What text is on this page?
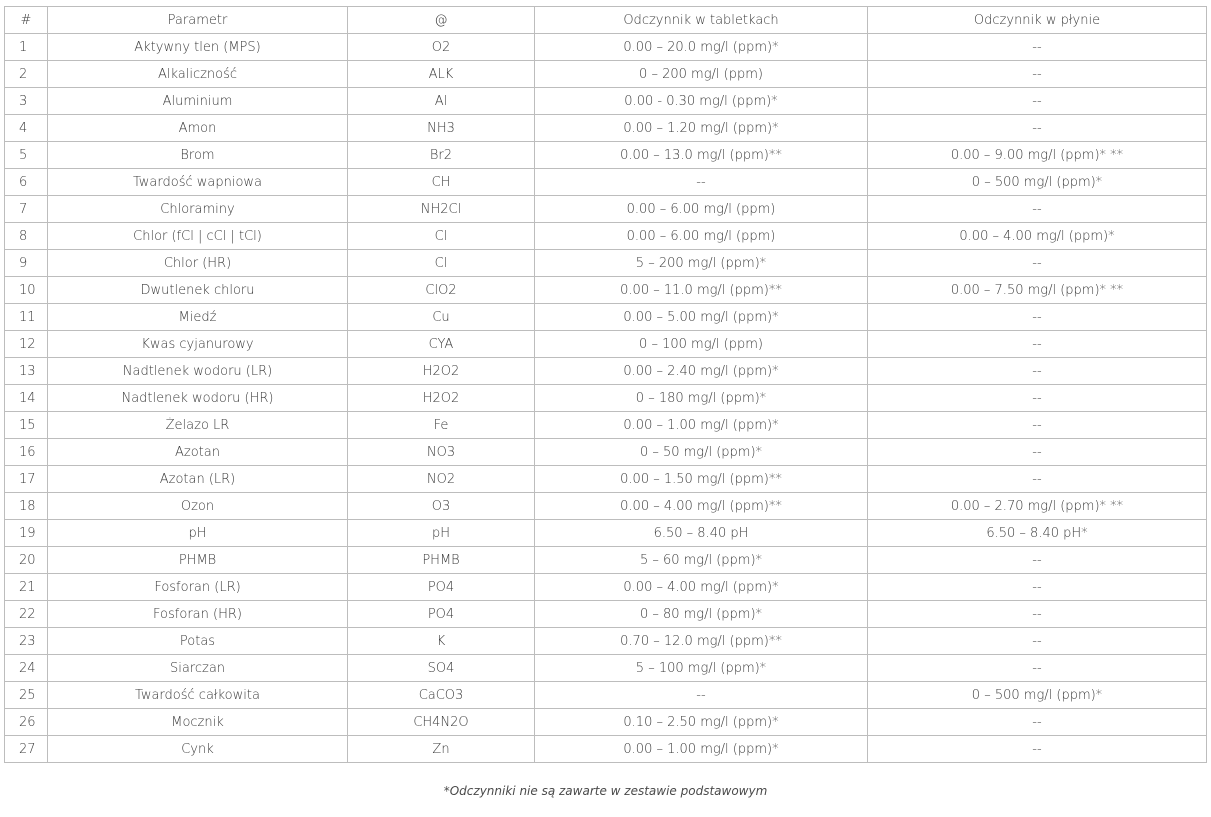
#	Parametr	@	Odczynnik w tabletkach	Odczynnik w płynie
1	Aktywny tlen (MPS)	O2	0.00 – 20.0 mg/l (ppm)*	--
2	Alkaliczność	ALK	0 – 200 mg/l (ppm)	--
3	Aluminium	Al	0.00 - 0.30 mg/l (ppm)*	--
4	Amon	NH3	0.00 – 1.20 mg/l (ppm)*	--
5	Brom	Br2	0.00 – 13.0 mg/l (ppm)**	0.00 – 9.00 mg/l (ppm)* **
6	Twardość wapniowa	CH	--	0 – 500 mg/l (ppm)*
7	Chloraminy	NH2Cl	0.00 – 6.00 mg/l (ppm)	--
8	Chlor (fCl | cCl | tCl)	Cl	0.00 – 6.00 mg/l (ppm)	0.00 – 4.00 mg/l (ppm)*
9	Chlor (HR)	Cl	5 – 200 mg/l (ppm)*	--
10	Dwutlenek chloru	ClO2	0.00 – 11.0 mg/l (ppm)**	0.00 – 7.50 mg/l (ppm)* **
11	Miedź	Cu	0.00 – 5.00 mg/l (ppm)*	--
12	Kwas cyjanurowy	CYA	0 – 100 mg/l (ppm)	--
13	Nadtlenek wodoru (LR)	H2O2	0.00 – 2.40 mg/l (ppm)*	--
14	Nadtlenek wodoru (HR)	H2O2	0 – 180 mg/l (ppm)*	--
15	Żelazo LR	Fe	0.00 – 1.00 mg/l (ppm)*	--
16	Azotan	NO3	0 – 50 mg/l (ppm)*	--
17	Azotan (LR)	NO2	0.00 – 1.50 mg/l (ppm)**	--
18	Ozon	O3	0.00 – 4.00 mg/l (ppm)**	0.00 – 2.70 mg/l (ppm)* **
19	pH	pH	6.50 – 8.40 pH	6.50 – 8.40 pH*
20	PHMB	PHMB	5 – 60 mg/l (ppm)*	--
21	Fosforan (LR)	PO4	0.00 – 4.00 mg/l (ppm)*	--
22	Fosforan (HR)	PO4	0 – 80 mg/l (ppm)*	--
23	Potas	K	0.70 – 12.0 mg/l (ppm)**	--
24	Siarczan	SO4	5 – 100 mg/l (ppm)*	--
25	Twardość całkowita	CaCO3	--	0 – 500 mg/l (ppm)*
26	Mocznik	CH4N2O	0.10 – 2.50 mg/l (ppm)*	--
27	Cynk	Zn	0.00 – 1.00 mg/l (ppm)*	--
*Odczynniki nie są zawarte w zestawie podstawowym
